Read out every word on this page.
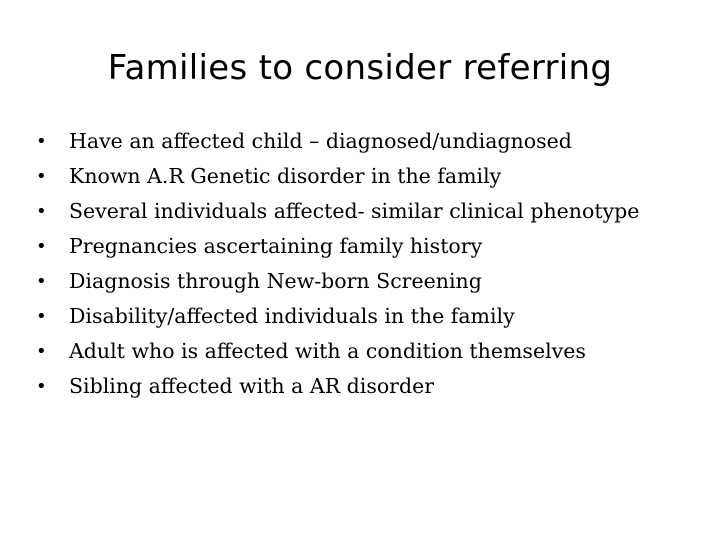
Families to consider referring
• Have an affected child – diagnosed/undiagnosed
• Known A.R Genetic disorder in the family
• Several individuals affected- similar clinical phenotype
• Pregnancies ascertaining family history
• Diagnosis through New-born Screening
• Disability/affected individuals in the family
• Adult who is affected with a condition themselves
• Sibling affected with a AR disorder
